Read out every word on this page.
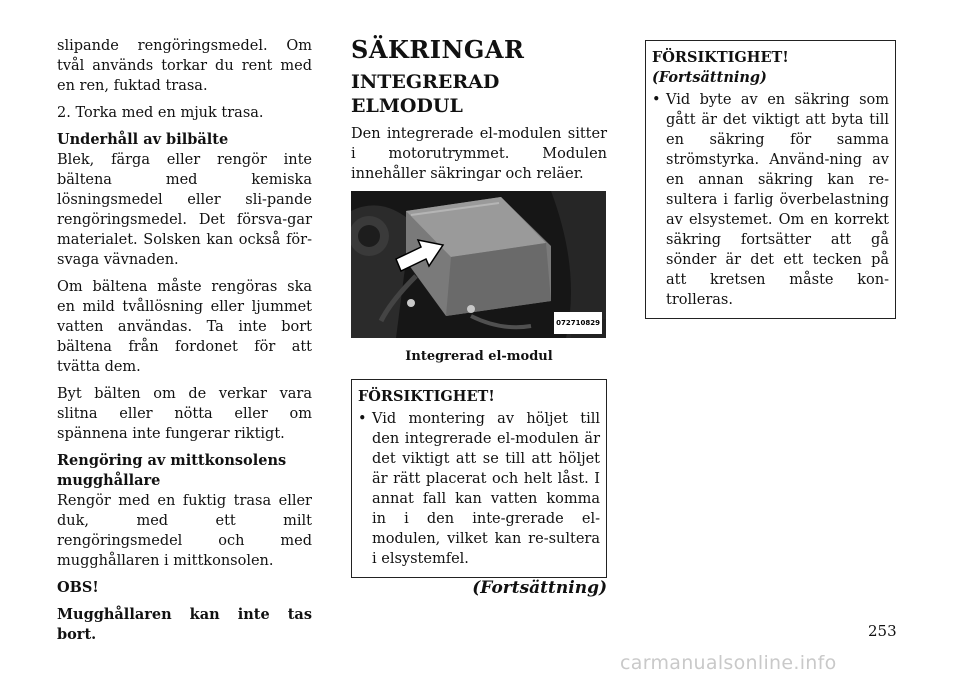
slipande rengöringsmedel. Om tvål används torkar du rent med en ren, fuktad trasa.

2. Torka med en mjuk trasa.

Underhåll av bilbälte

Blek, färga eller rengör inte bältena med kemiska lösningsmedel eller sli-pande rengöringsmedel. Det försva-gar materialet. Solsken kan också för-svaga vävnaden.

Om bältena måste rengöras ska en mild tvållösning eller ljummet vatten användas. Ta inte bort bältena från fordonet för att tvätta dem.

Byt bälten om de verkar vara slitna eller nötta eller om spännena inte fungerar riktigt.

Rengöring av mittkonsolens mugghållare

Rengör med en fuktig trasa eller duk, med ett milt rengöringsmedel och med mugghållaren i mittkonsolen.

OBS!

Mugghållaren kan inte tas bort.

SÄKRINGAR
INTEGRERAD ELMODUL

Den integrerade el-modulen sitter i motorutrymmet. Modulen innehåller säkringar och reläer.

072710829
Integrerad el-modul
FÖRSIKTIGHET!
• Vid montering av höljet till den integrerade el-modulen är det viktigt att se till att höljet är rätt placerat och helt låst. I annat fall kan vatten komma in i den inte-grerade el-modulen, vilket kan re-sultera i elsystemfel.
(Fortsättning)
FÖRSIKTIGHET! (Fortsättning)
• Vid byte av en säkring som gått är det viktigt att byta till en säkring för samma strömstyrka. Använd-ning av en annan säkring kan re-sultera i farlig överbelastning av elsystemet. Om en korrekt säkring fortsätter att gå sönder är det ett tecken på att kretsen måste kon-trolleras.
253
carmanualsonline.info
